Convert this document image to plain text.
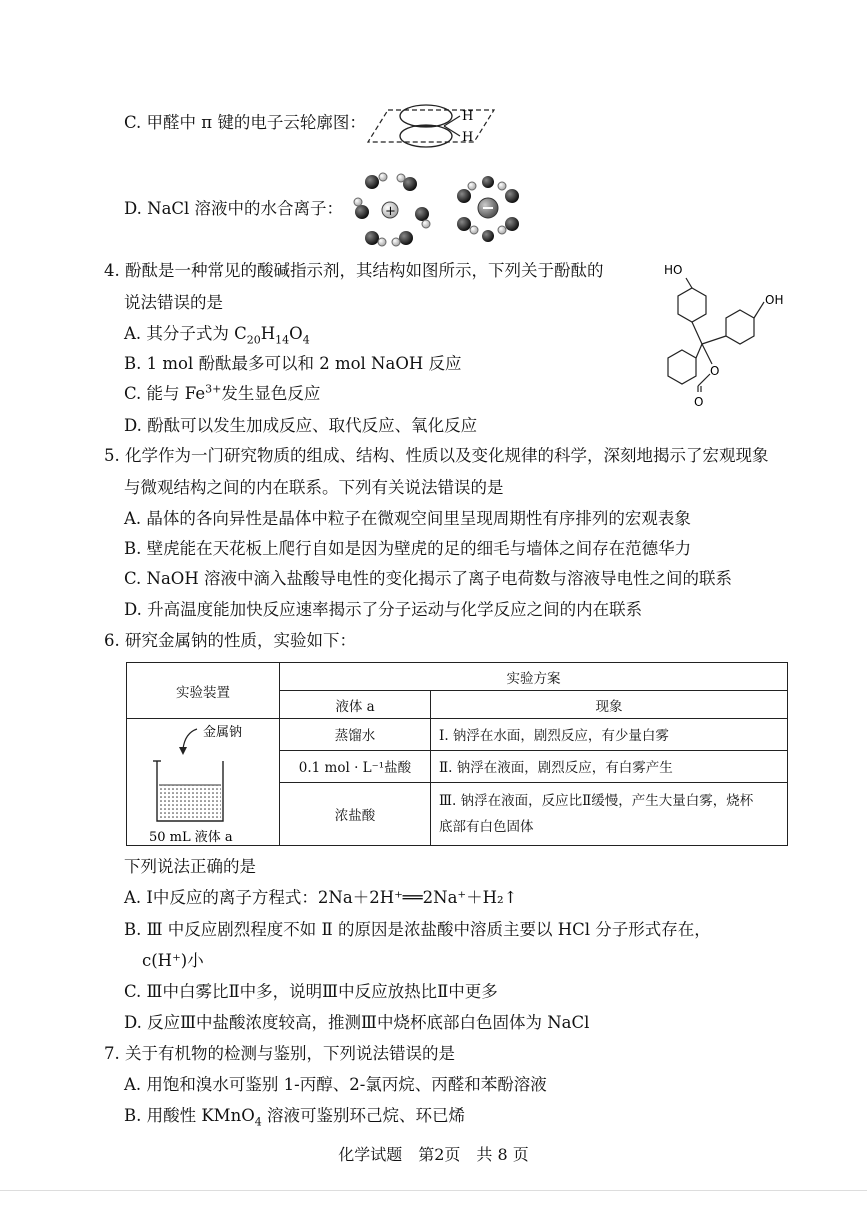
C. 甲醛中 π 键的电子云轮廓图：	H
H
D. NaCl 溶液中的水合离子：	+
4. 酚酞是一种常见的酸碱指示剂，其结构如图所示，下列关于酚酞的
说法错误的是
A. 其分子式为 $C_{20}H_{14}O_4$
B. 1 mol 酚酞最多可以和 2 mol NaOH 反应
C. 能与 $Fe^{3+}$发生显色反应
D. 酚酞可以发生加成反应、取代反应、氧化反应
HO
OH
O
O
5. 化学作为一门研究物质的组成、结构、性质以及变化规律的科学，深刻地揭示了宏观现象
与微观结构之间的内在联系。下列有关说法错误的是
A. 晶体的各向异性是晶体中粒子在微观空间里呈现周期性有序排列的宏观表象
B. 壁虎能在天花板上爬行自如是因为壁虎的足的细毛与墙体之间存在范德华力
C. NaOH 溶液中滴入盐酸导电性的变化揭示了离子电荷数与溶液导电性之间的联系
D. 升高温度能加快反应速率揭示了分子运动与化学反应之间的内在联系
6. 研究金属钠的性质，实验如下：
实验装置	实验方案	
	液体 a	现象

金属钠
50 mL 液体 a	蒸馏水	Ⅰ. 钠浮在水面，剧烈反应，有少量白雾
	0.1 mol · L⁻¹盐酸	Ⅱ. 钠浮在液面，剧烈反应，有白雾产生
	浓盐酸	Ⅲ. 钠浮在液面，反应比Ⅱ缓慢，产生大量白雾，烧杯
底部有白色固体
下列说法正确的是
A. Ⅰ中反应的离子方程式：2Na＋2H⁺══2Na⁺＋H₂↑
B. Ⅲ 中反应剧烈程度不如 Ⅱ 的原因是浓盐酸中溶质主要以 HCl 分子形式存在，
c(H⁺)小
C. Ⅲ中白雾比Ⅱ中多，说明Ⅲ中反应放热比Ⅱ中更多
D. 反应Ⅲ中盐酸浓度较高，推测Ⅲ中烧杯底部白色固体为 NaCl
7. 关于有机物的检测与鉴别，下列说法错误的是
A. 用饱和溴水可鉴别 1-丙醇、2-氯丙烷、丙醛和苯酚溶液
B. 用酸性 KMnO$_4$ 溶液可鉴别环己烷、环已烯
化学试题　第2页　共 8 页
